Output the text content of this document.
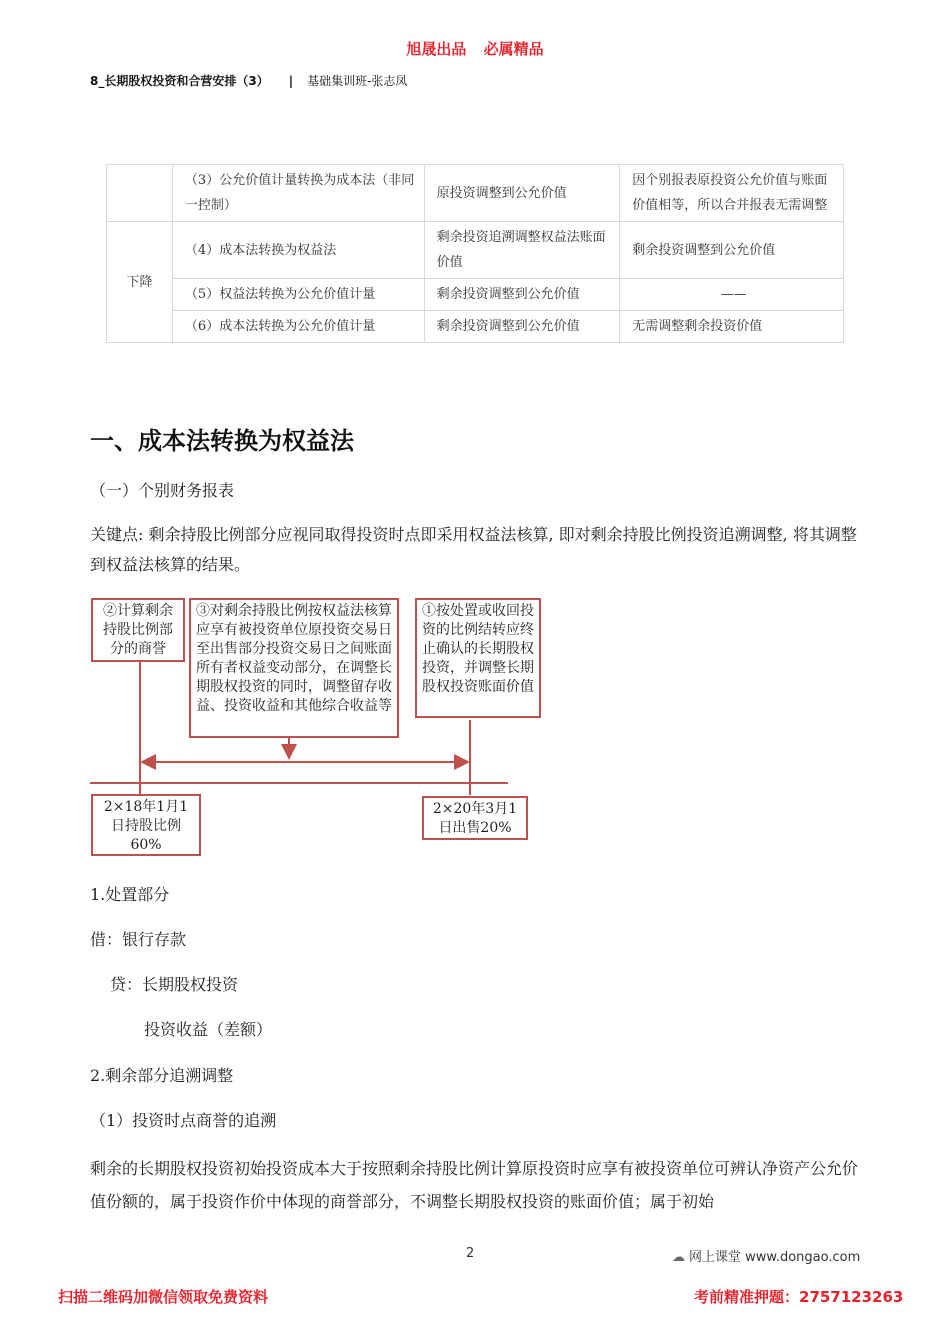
旭晟出品 必属精品
8_长期股权投资和合营安排（3） | 基础集训班-张志凤
	（3）公允价值计量转换为成本法（非同一控制）	原投资调整到公允价值	因个别报表原投资公允价值与账面价值相等，所以合并报表无需调整
下降	（4）成本法转换为权益法	剩余投资追溯调整权益法账面价值	剩余投资调整到公允价值
	（5）权益法转换为公允价值计量	剩余投资调整到公允价值	——
	（6）成本法转换为公允价值计量	剩余投资调整到公允价值	无需调整剩余投资价值
一、成本法转换为权益法

（一）个别财务报表

关键点: 剩余持股比例部分应视同取得投资时点即采用权益法核算, 即对剩余持股比例投资追溯调整, 将其调整到权益法核算的结果。

②计算剩余持股比例部分的商誉
③对剩余持股比例按权益法核算应享有被投资单位原投资交易日至出售部分投资交易日之间账面所有者权益变动部分，在调整长期股权投资的同时，调整留存收益、投资收益和其他综合收益等
①按处置或收回投资的比例结转应终止确认的长期股权投资，并调整长期股权投资账面价值
2×18年1月1日持股比例60%
2×20年3月1日出售20%

1.处置部分

借：银行存款

贷：长期股权投资

投资收益（差额）

2.剩余部分追溯调整

（1）投资时点商誉的追溯

剩余的长期股权投资初始投资成本大于按照剩余持股比例计算原投资时应享有被投资单位可辨认净资产公允价值份额的，属于投资作价中体现的商誉部分，不调整长期股权投资的账面价值；属于初始

2	☁ 网上课堂 www.dongao.com
扫描二维码加微信领取免费资料	考前精准押题：2757123263
